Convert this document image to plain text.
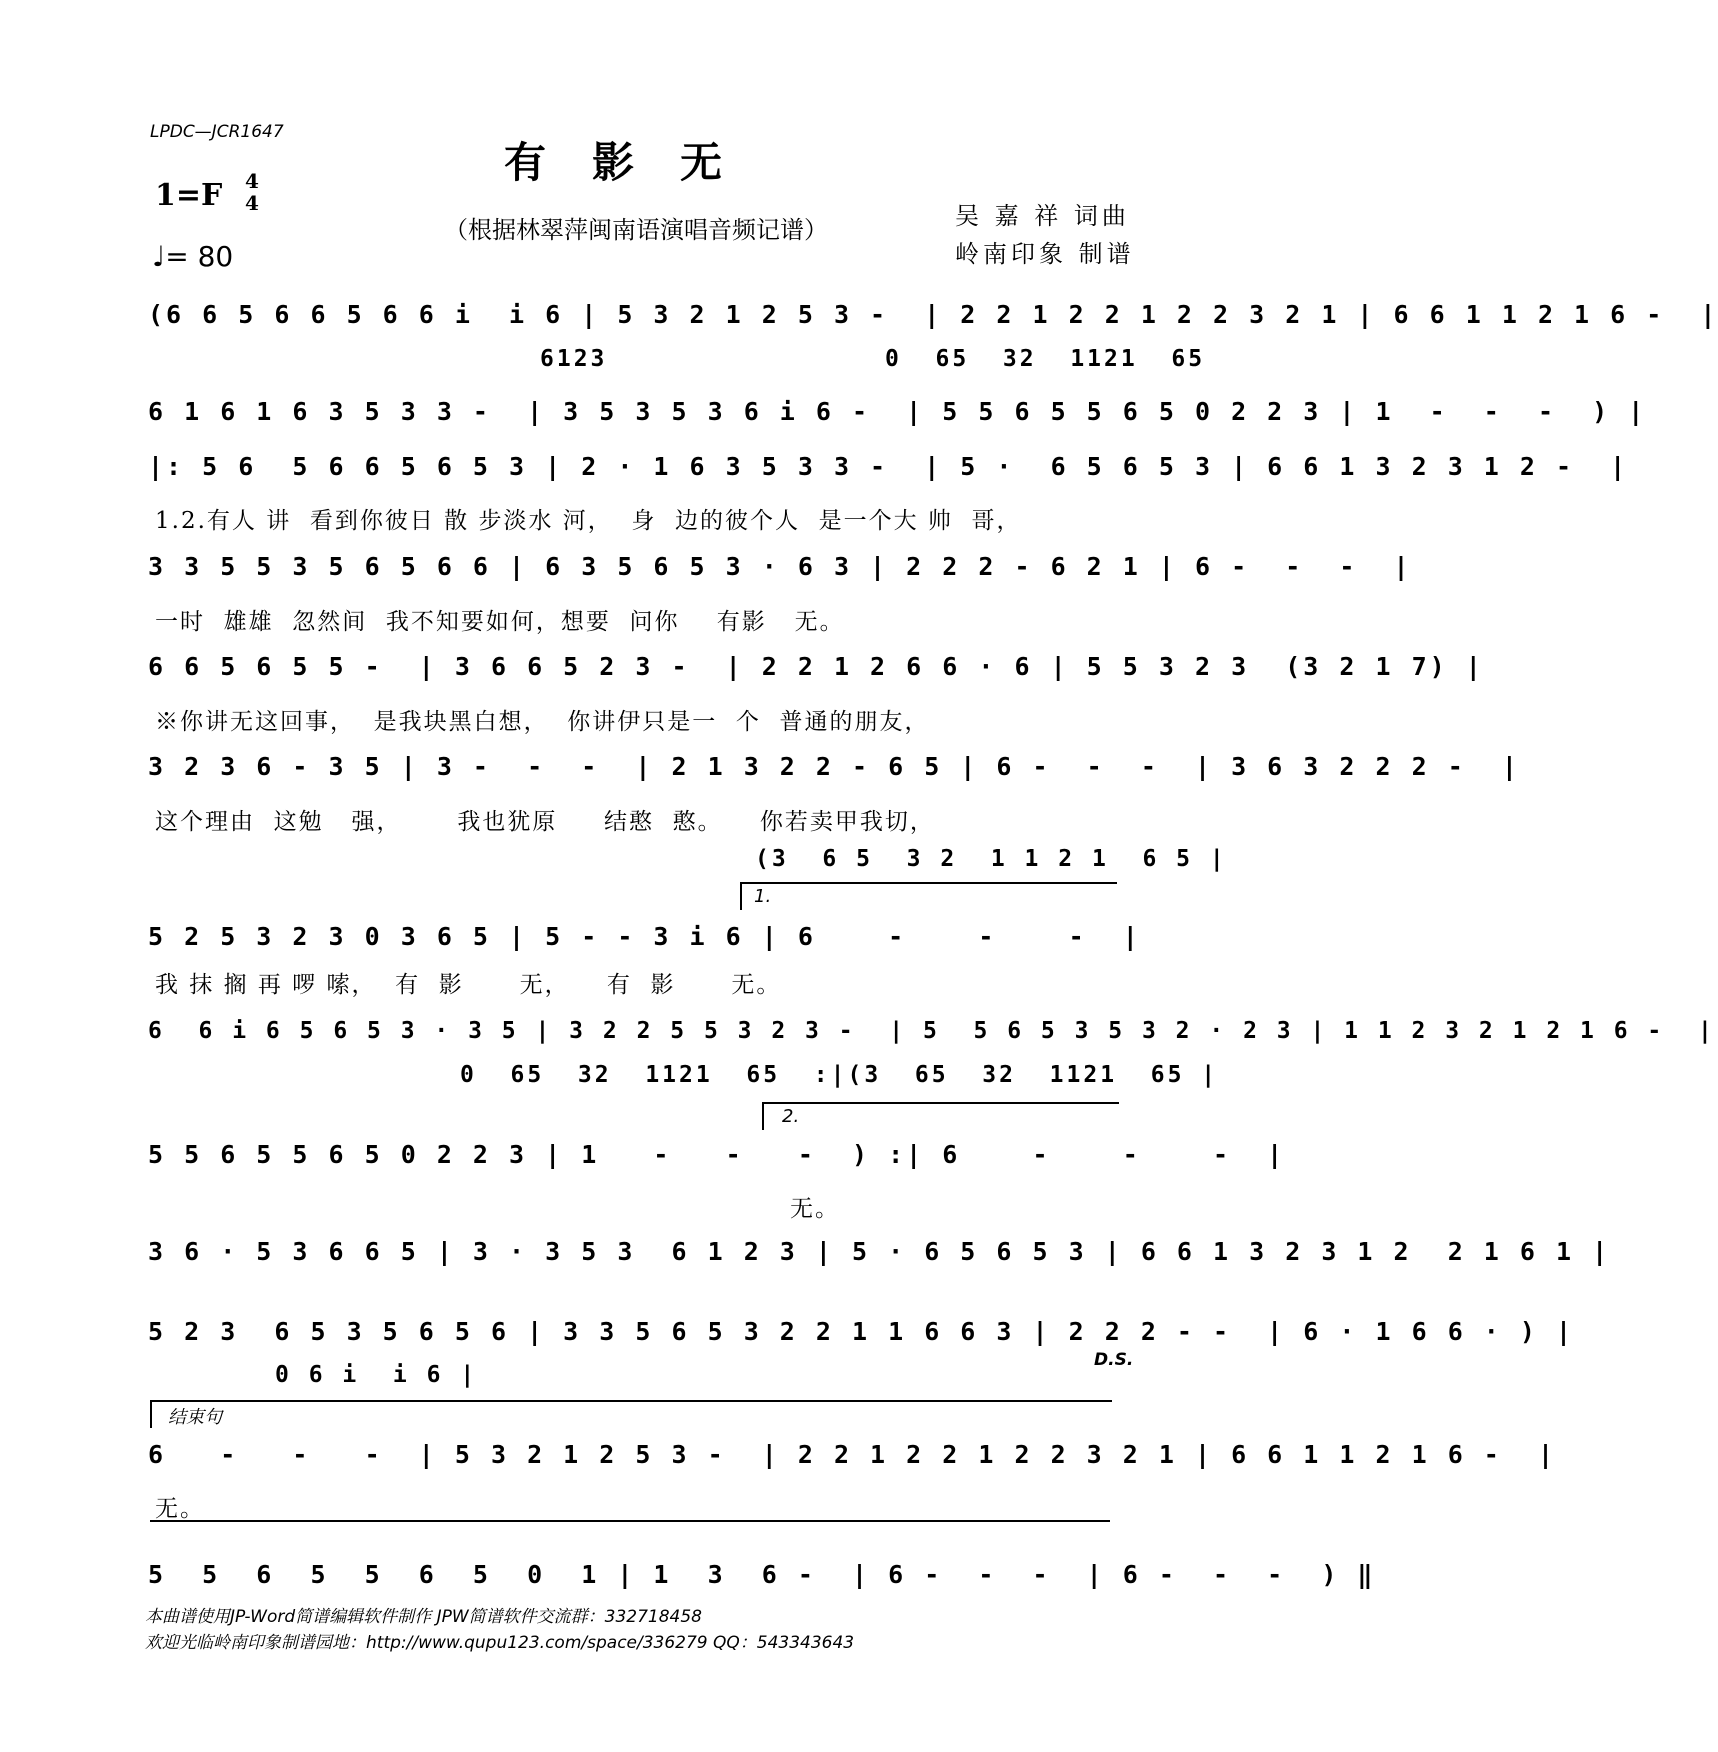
LPDC—JCR1647
有影无
1=F 4
4
♩= 80
（根据林翠萍闽南语演唱音频记谱）	吴 嘉 祥 词曲
岭南印象 制谱
(6 6 5 6 6 5 6 6 i  i 6 | 5 3 2 1 2 5 3 -  | 2 2 1 2 2 1 2 2 3 2 1 | 6 6 1 1 2 1 6 -  |
6123	0  65  32  1121  65
6 1 6 1 6 3 5 3 3 -  | 3 5 3 5 3 6 i 6 -  | 5 5 6 5 5 6 5 0 2 2 3 | 1  -  -  -  ) |
|: 5 6  5 6 6 5 6 5 3 | 2 · 1 6 3 5 3 3 -  | 5 ·  6 5 6 5 3 | 6 6 1 3 2 3 1 2 -  |
1.2.有人 讲  看到你彼日 散 步淡水 河，  身  边的彼个人  是一个大 帅  哥，
3 3 5 5 3 5 6 5 6 6 | 6 3 5 6 5 3 · 6 3 | 2 2 2 - 6 2 1 | 6 -  -  -  |
一时  雄雄  忽然间  我不知要如何，想要  问你    有影   无。
6 6 5 6 5 5 -  | 3 6 6 5 2 3 -  | 2 2 1 2 6 6 · 6 | 5 5 3 2 3  (3 2 1 7) |
※你讲无这回事，  是我块黑白想，  你讲伊只是一  个  普通的朋友，
3 2 3 6 - 3 5 | 3 -  -  -  | 2 1 3 2 2 - 6 5 | 6 -  -  -  | 3 6 3 2 2 2 -  |
这个理由  这勉   强，      我也犹原     结憨  憨。    你若卖甲我切，
(3  6 5  3 2  1 1 2 1  6 5 |
1.
5 2 5 3 2 3 0 3 6 5 | 5 - - 3 i 6 | 6    -    -    -  |
我 抹 搁 再 啰 嗦，  有  影      无，    有  影      无。
6  6 i 6 5 6 5 3 · 3 5 | 3 2 2 5 5 3 2 3 -  | 5  5 6 5 3 5 3 2 · 2 3 | 1 1 2 3 2 1 2 1 6 -  |
0  65  32  1121  65  :|(3  65  32  1121  65 |
2.
5 5 6 5 5 6 5 0 2 2 3 | 1   -   -   -  ) :| 6    -    -    -  |
无。
3 6 · 5 3 6 6 5 | 3 · 3 5 3  6 1 2 3 | 5 · 6 5 6 5 3 | 6 6 1 3 2 3 1 2  2 1 6 1 |
5 2 3  6 5 3 5 6 5 6 | 3 3 5 6 5 3 2 2 1 1 6 6 3 | 2 2 2 - -  | 6 · 1 6 6 · ) |
0 6 i  i 6 |
D.S.
结束句
6   -   -   -  | 5 3 2 1 2 5 3 -  | 2 2 1 2 2 1 2 2 3 2 1 | 6 6 1 1 2 1 6 -  |
无。
5  5  6  5  5  6  5  0  1 | 1  3  6 -  | 6 -  -  -  | 6 -  -  -  ) ‖
本曲谱使用JP-Word简谱编辑软件制作 JPW简谱软件交流群：332718458
欢迎光临岭南印象制谱园地：http://www.qupu123.com/space/336279 QQ：543343643
